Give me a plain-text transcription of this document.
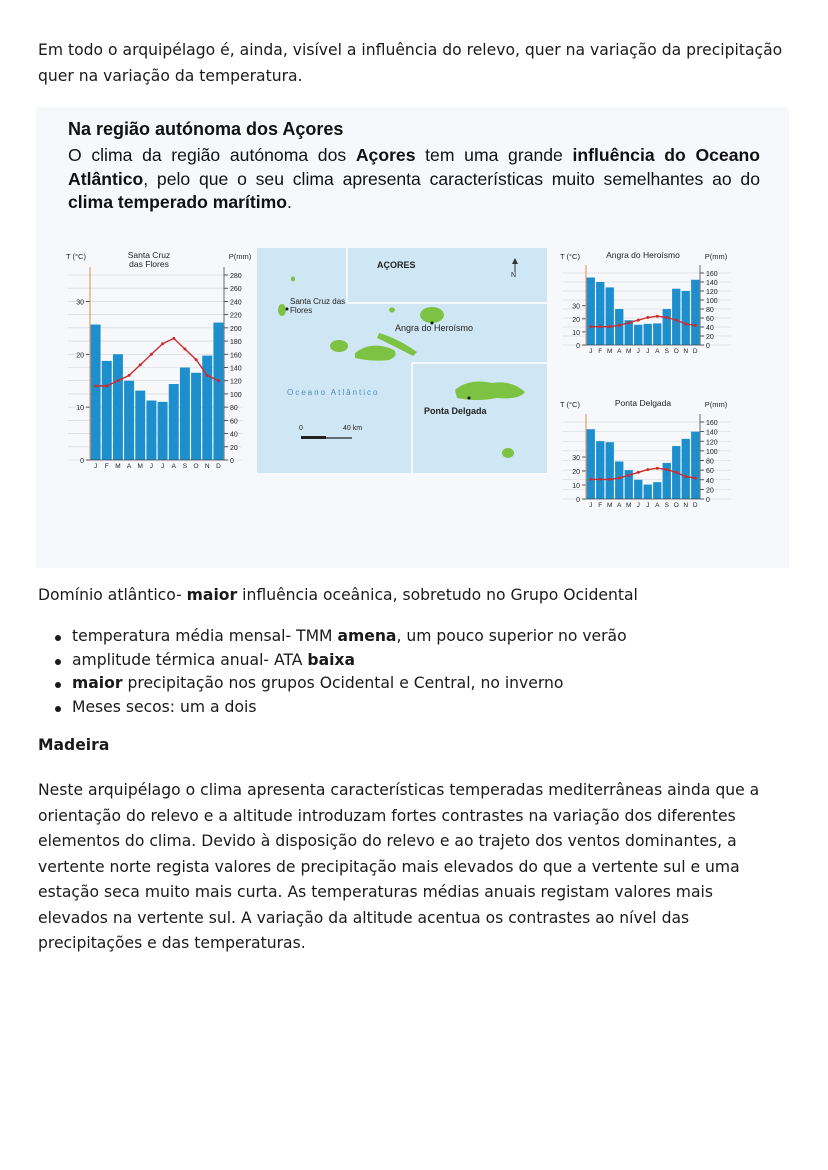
Em todo o arquipélago é, ainda, visível a influência do relevo, quer na variação da precipitação quer na variação da temperatura.
Na região autónoma dos Açores
O clima da região autónoma dos Açores tem uma grande influência do Oceano Atlântico, pelo que o seu clima apresenta características muito semelhantes ao do clima temperado marítimo.
0
20
40
60
80
100
120
140
160
180
200
220
240
260
280
0
10
20
30
J F M A M J J A S O N D
T (°C)	P(mm)
Santa Cruz
das Flores
0
20
40
60
80
100
120
140
160
0
10
20
30
J F M A M J J A S O N D
T (°C)	P(mm)
Angra do Heroísmo
0
20
40
60
80
100
120
140
160
0
10
20
30
J F M A M J J A S O N D
T (°C)	P(mm)
Ponta Delgada
AÇORES
N
Santa Cruz das Flores
Angra do Heroísmo
Ponta Delgada
Oceano Atlântico
0	40 km
Domínio atlântico- maior influência oceânica, sobretudo no Grupo Ocidental
temperatura média mensal- TMM amena, um pouco superior no verão
amplitude térmica anual- ATA baixa
maior precipitação nos grupos Ocidental e Central, no inverno
Meses secos: um a dois
Madeira
Neste arquipélago o clima apresenta características temperadas mediterrâneas ainda que a orientação do relevo e a altitude introduzam fortes contrastes na variação dos diferentes elementos do clima. Devido à disposição do relevo e ao trajeto dos ventos dominantes, a vertente norte regista valores de precipitação mais elevados do que a vertente sul e uma estação seca muito mais curta. As temperaturas médias anuais registam valores mais elevados na vertente sul. A variação da altitude acentua os contrastes ao nível das precipitações e das temperaturas.
